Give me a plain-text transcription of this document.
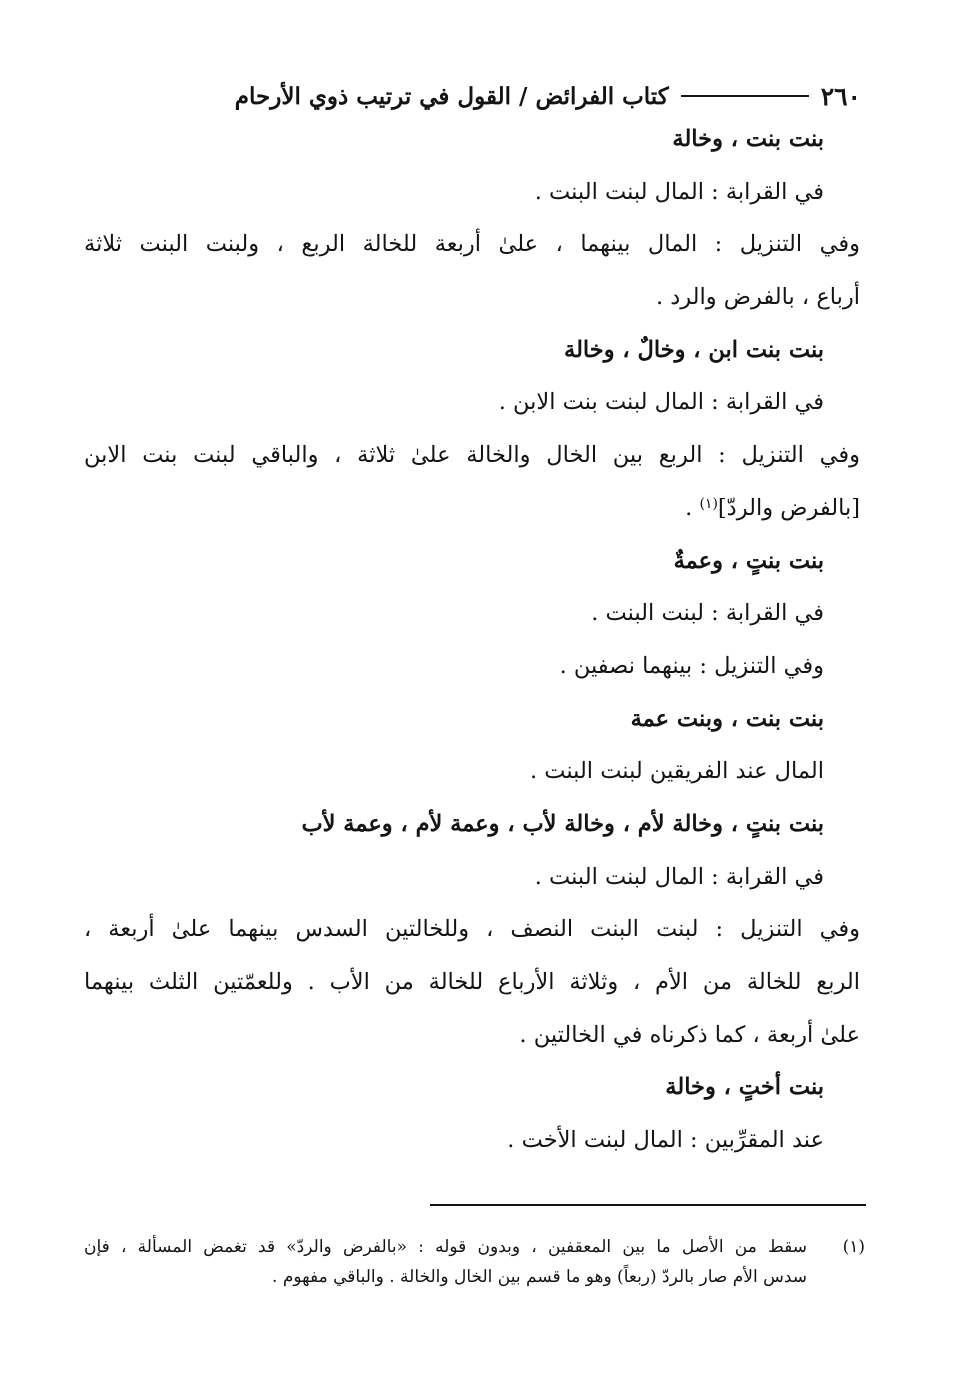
٢٦٠
كتاب الفرائض / القول في ترتيب ذوي الأرحام
بنت بنت ، وخالة
في القرابة : المال لبنت البنت .
وفي التنزيل : المال بينهما ، علىٰ أربعة للخالة الربع ، ولبنت البنت ثلاثة
أرباع ، بالفرض والرد .
بنت بنت ابن ، وخالٌ ، وخالة
في القرابة : المال لبنت بنت الابن .
وفي التنزيل : الربع بين الخال والخالة علىٰ ثلاثة ، والباقي لبنت بنت الابن
[بالفرض والردّ]$^{(١)}$ .
بنت بنتٍ ، وعمةٌ
في القرابة : لبنت البنت .
وفي التنزيل : بينهما نصفين .
بنت بنت ، وبنت عمة
المال عند الفريقين لبنت البنت .
بنت بنتٍ ، وخالة لأم ، وخالة لأب ، وعمة لأم ، وعمة لأب
في القرابة : المال لبنت البنت .
وفي التنزيل : لبنت البنت النصف ، وللخالتين السدس بينهما علىٰ أربعة ،
الربع للخالة من الأم ، وثلاثة الأرباع للخالة من الأب . وللعمّتين الثلث بينهما
علىٰ أربعة ، كما ذكرناه في الخالتين .
بنت أختٍ ، وخالة
عند المقرِّبين : المال لبنت الأخت .
(١)
سقط من الأصل ما بين المعقفين ، وبدون قوله : «بالفرض والردّ» قد تغمض المسألة ، فإن
سدس الأم صار بالردّ (ربعاً) وهو ما قسم بين الخال والخالة . والباقي مفهوم .
